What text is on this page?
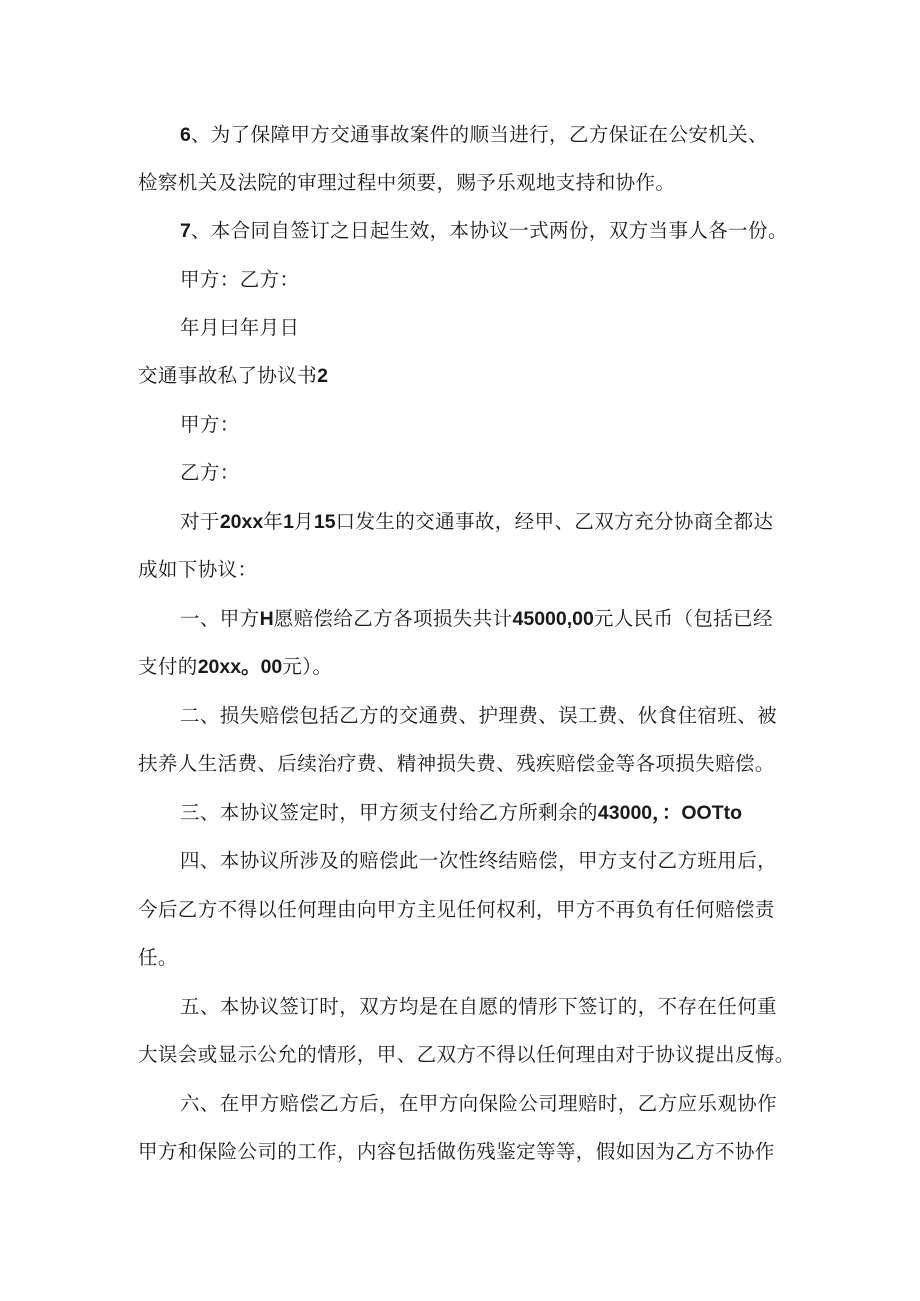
6、为了保障甲方交通事故案件的顺当进行，乙方保证在公安机关、
检察机关及法院的审理过程中须要，赐予乐观地支持和协作。
7、本合同自签订之日起生效，本协议一式两份，双方当事人各一份。
甲方：乙方：
年月曰年月日
交通事故私了协议书2
甲方：
乙方：
对于20xx年1月15口发生的交通事故，经甲、乙双方充分协商全都达
成如下协议：
一、甲方H愿赔偿给乙方各项损失共计45000,00元人民币（包括已经
支付的20xx。00元）。
二、损失赔偿包括乙方的交通费、护理费、误工费、伙食住宿班、被
扶养人生活费、后续治疗费、精神损失费、残疾赔偿金等各项损失赔偿。
三、本协议签定时，甲方须支付给乙方所剩余的43000，：OOTto
四、本协议所涉及的赔偿此一次性终结赔偿，甲方支付乙方班用后，
今后乙方不得以任何理由向甲方主见任何权利，甲方不再负有任何赔偿责
任。
五、本协议签订时，双方均是在自愿的情形下签订的，不存在任何重
大误会或显示公允的情形，甲、乙双方不得以任何理由对于协议提出反悔。
六、在甲方赔偿乙方后，在甲方向保险公司理赔时，乙方应乐观协作
甲方和保险公司的工作，内容包括做伤残鉴定等等，假如因为乙方不协作
